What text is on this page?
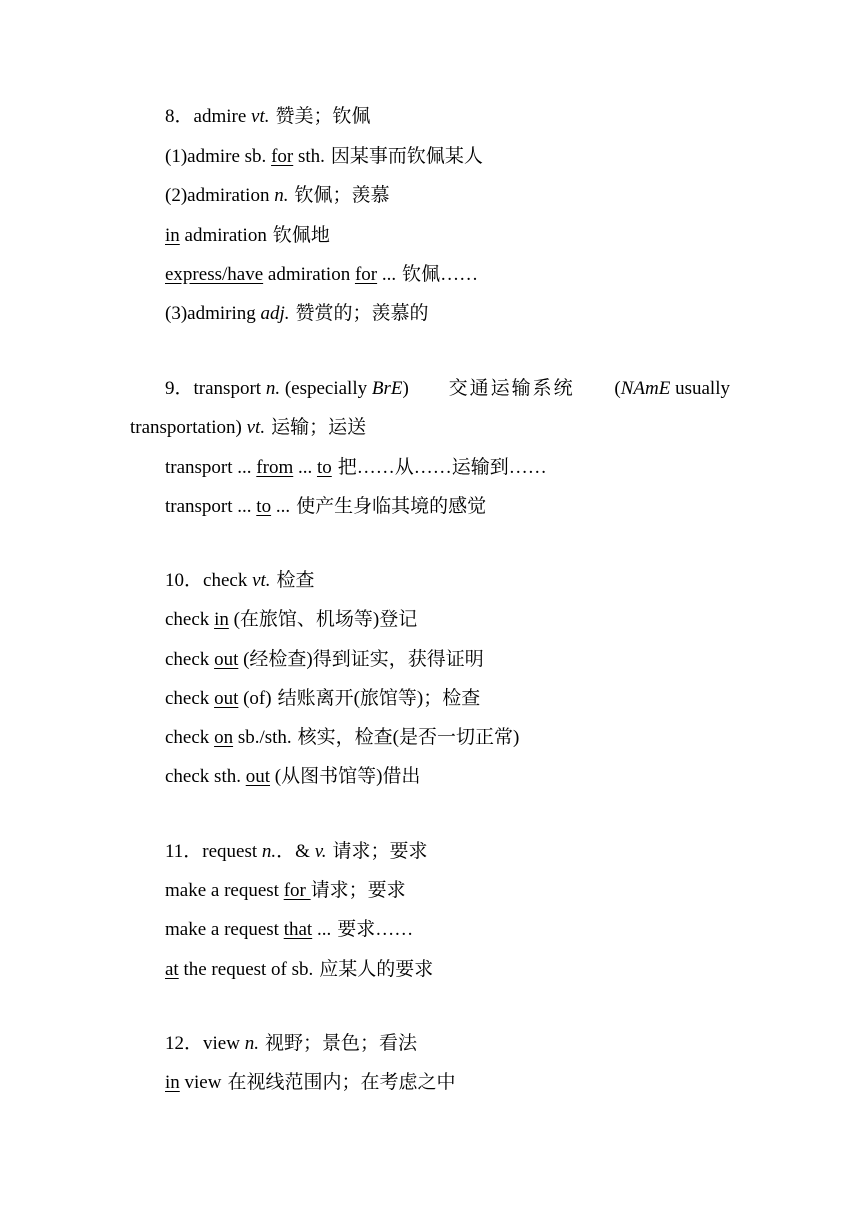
8．admire vt. 赞美；钦佩
(1)admire sb. for sth. 因某事而钦佩某人
(2)admiration n. 钦佩；羡慕
in admiration 钦佩地
express/have admiration for ... 钦佩……
(3)admiring adj. 赞赏的；羡慕的
9．transport n. (especially BrE) 交通运输系统 (NAmE usually
transportation) vt. 运输；运送
transport ... from ... to 把……从……运输到……
transport ... to ... 使产生身临其境的感觉
10．check vt. 检查
check in (在旅馆、机场等)登记
check out (经检查)得到证实，获得证明
check out (of) 结账离开(旅馆等)；检查
check on sb./sth. 核实，检查(是否一切正常)
check sth. out (从图书馆等)借出
11．request n.．& v. 请求；要求
make a request for 请求；要求
make a request that ... 要求……
at the request of sb. 应某人的要求
12．view n. 视野；景色；看法
in view 在视线范围内；在考虑之中
